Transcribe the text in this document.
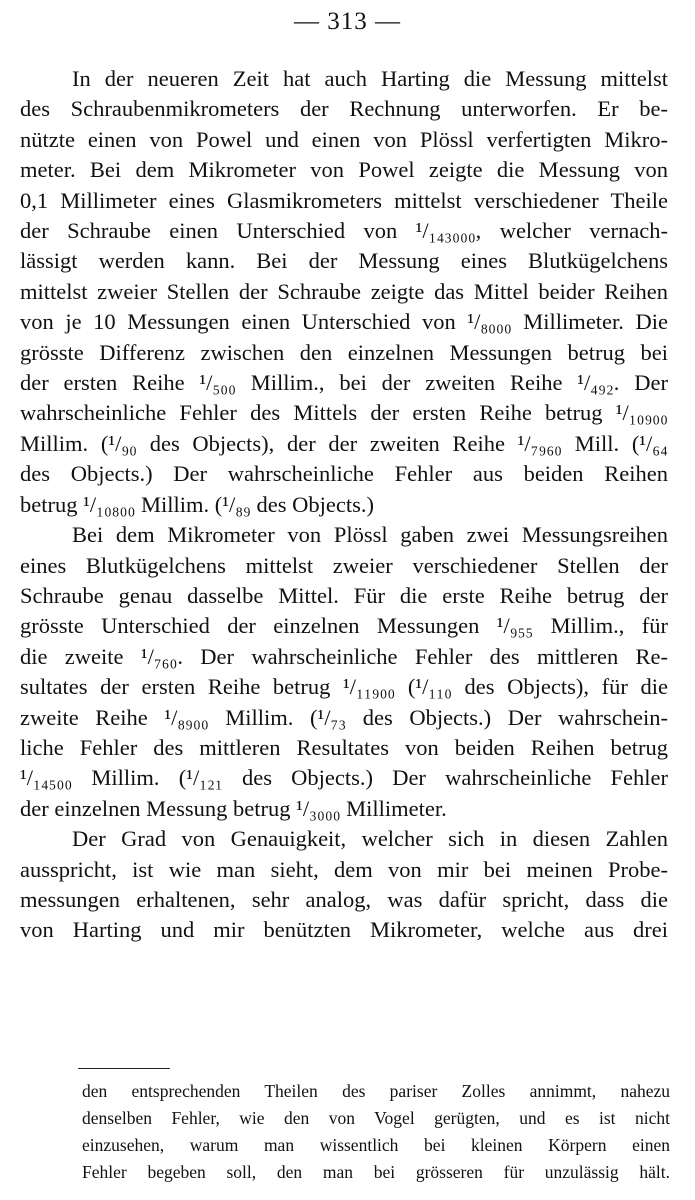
— 313 —

In der neueren Zeit hat auch Harting die Messung mittelst
des Schraubenmikrometers der Rechnung unterworfen. Er be-
nützte einen von Powel und einen von Plössl verfertigten Mikro-
meter. Bei dem Mikrometer von Powel zeigte die Messung von
0,1 Millimeter eines Glasmikrometers mittelst verschiedener Theile
der Schraube einen Unterschied von ¹/₁₄₃₀₀₀, welcher vernach-
lässigt werden kann. Bei der Messung eines Blutkügelchens
mittelst zweier Stellen der Schraube zeigte das Mittel beider Reihen
von je 10 Messungen einen Unterschied von ¹/₈₀₀₀ Millimeter. Die
grösste Differenz zwischen den einzelnen Messungen betrug bei
der ersten Reihe ¹/₅₀₀ Millim., bei der zweiten Reihe ¹/₄₉₂. Der
wahrscheinliche Fehler des Mittels der ersten Reihe betrug ¹/₁₀₉₀₀
Millim. (¹/₉₀ des Objects), der der zweiten Reihe ¹/₇₉₆₀ Mill. (¹/₆₄
des Objects.) Der wahrscheinliche Fehler aus beiden Reihen
betrug ¹/₁₀₈₀₀ Millim. (¹/₈₉ des Objects.)

Bei dem Mikrometer von Plössl gaben zwei Messungsreihen
eines Blutkügelchens mittelst zweier verschiedener Stellen der
Schraube genau dasselbe Mittel. Für die erste Reihe betrug der
grösste Unterschied der einzelnen Messungen ¹/₉₅₅ Millim., für
die zweite ¹/₇₆₀. Der wahrscheinliche Fehler des mittleren Re-
sultates der ersten Reihe betrug ¹/₁₁₉₀₀ (¹/₁₁₀ des Objects), für die
zweite Reihe ¹/₈₉₀₀ Millim. (¹/₇₃ des Objects.) Der wahrschein-
liche Fehler des mittleren Resultates von beiden Reihen betrug
¹/₁₄₅₀₀ Millim. (¹/₁₂₁ des Objects.) Der wahrscheinliche Fehler
der einzelnen Messung betrug ¹/₃₀₀₀ Millimeter.

Der Grad von Genauigkeit, welcher sich in diesen Zahlen
ausspricht, ist wie man sieht, dem von mir bei meinen Probe-
messungen erhaltenen, sehr analog, was dafür spricht, dass die
von Harting und mir benützten Mikrometer, welche aus drei

den entsprechenden Theilen des pariser Zolles annimmt, nahezu
denselben Fehler, wie den von Vogel gerügten, und es ist nicht
einzusehen, warum man wissentlich bei kleinen Körpern einen
Fehler begeben soll, den man bei grösseren für unzulässig hält.
